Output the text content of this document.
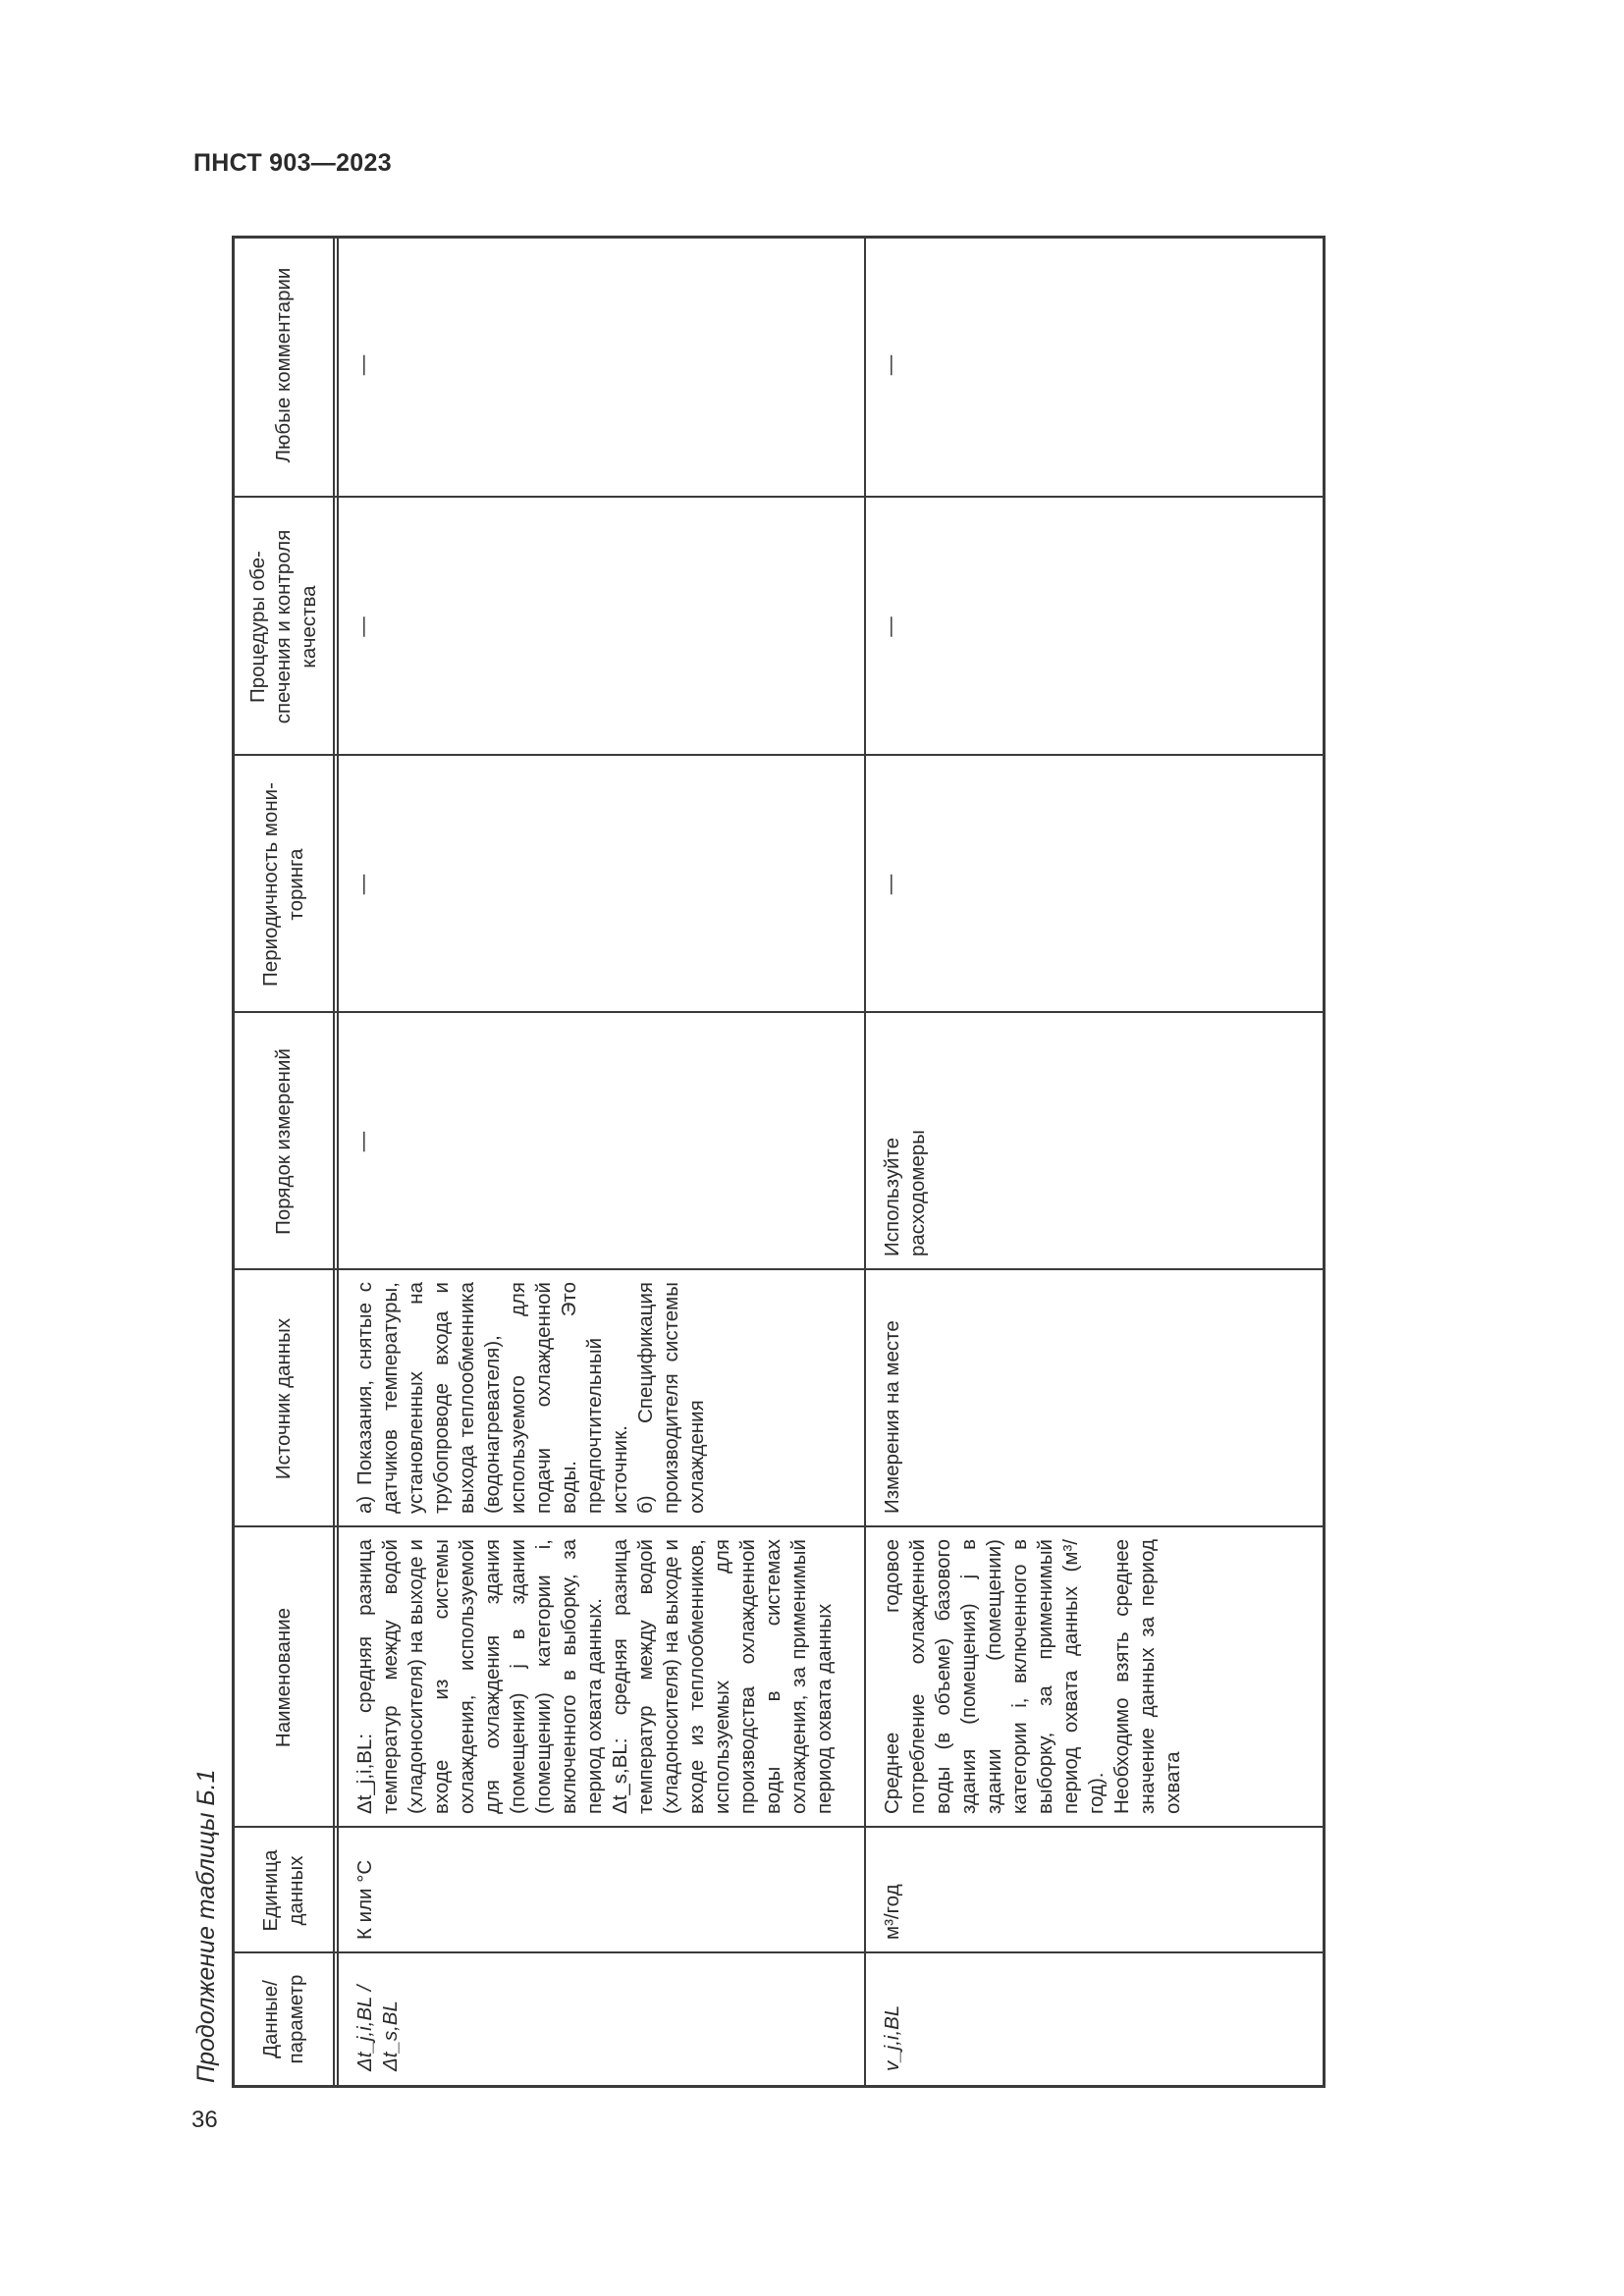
ПНСТ 903—2023
Продолжение таблицы Б.1
36
Данные/ параметр
Единица данных
Наименование
Источник данных
Порядок измерений
Периодичность мони- торинга
Процедуры обе- спечения и контроля качества
Любые комментарии
Δt_j,i,BL / Δt_s,BL
К или °С

Δt_j,i,BL: средняя разница температур между водой (хладоносителя) на выходе и входе из системы охлаждения, используемой для охлаждения здания (помещения) j в здании (помещении) категории i, включенного в выборку, за период охвата данных. Δt_s,BL: средняя разница температур между водой (хладоносителя) на выходе и входе из теплообменников, используемых для производства охлажденной воды в системах охлаждения, за применимый период охвата данных

а) Показания, снятые с датчиков температуры, установленных на трубопроводе входа и выхода теплообменника (водонагревателя), используемого для подачи охлажденной воды. Это предпочтительный источник. б) Спецификация производителя системы охлаждения

—
—
—
—
v_j,i,BL
м³/год

Среднее годовое потребление охлажденной воды (в объеме) базового здания (помещения) j в здании (помещении) категории i, включенного в выборку, за применимый период охвата данных (м³/год). Необходимо взять среднее значение данных за период охвата

Измерения на месте
Используйте расходомеры
—
—
—
